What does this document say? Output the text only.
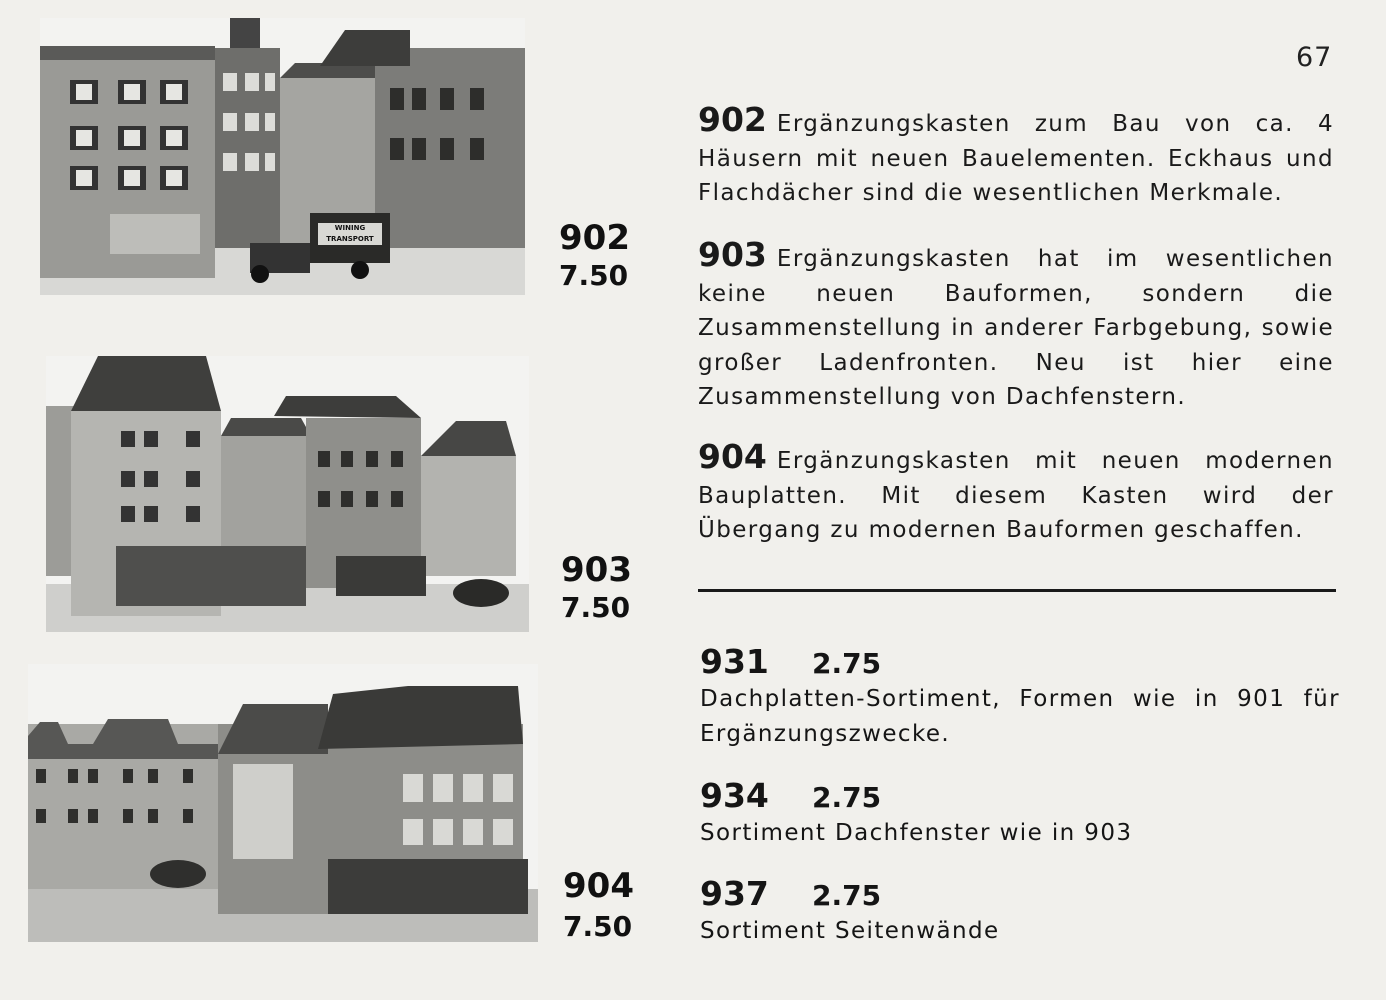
67
WINING TRANSPORT	902
7.50
903
7.50
904
7.50
902 Ergänzungskasten zum Bau von ca. 4 Häusern mit neuen Bauelementen. Eckhaus und Flachdächer sind die wesentlichen Merkmale.
903 Ergänzungskasten hat im wesentlichen keine neuen Bauformen, sondern die Zusammenstellung in anderer Farbgebung, sowie großer Ladenfronten. Neu ist hier eine Zusammenstellung von Dachfenstern.
904 Ergänzungskasten mit neuen modernen Bauplatten. Mit diesem Kasten wird der Übergang zu modernen Bauformen geschaffen.
931 2.75
Dachplatten-Sortiment, Formen wie in 901 für Ergänzungszwecke.
934 2.75
Sortiment Dachfenster wie in 903
937 2.75
Sortiment Seitenwände
